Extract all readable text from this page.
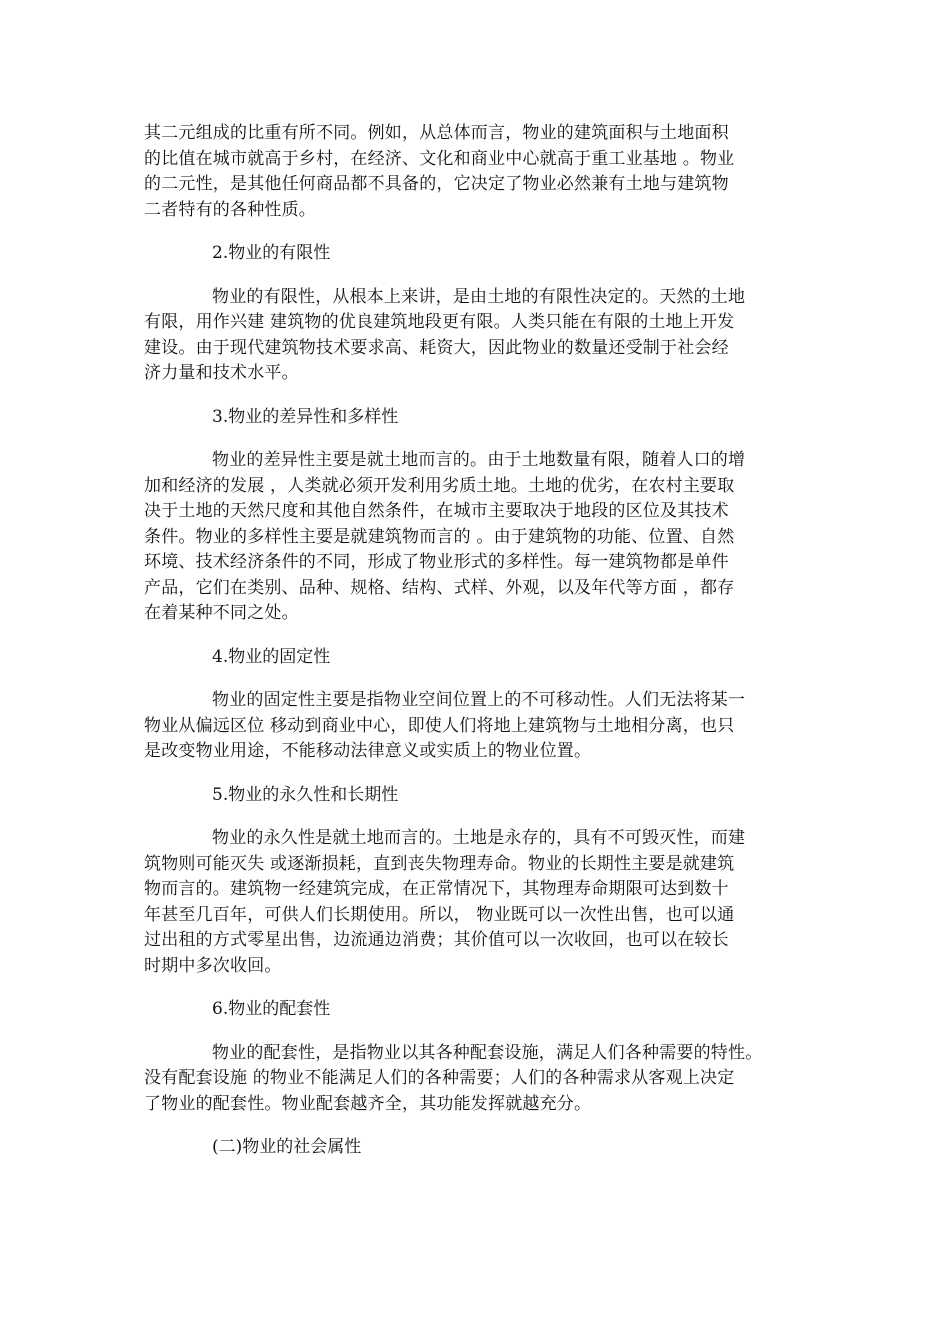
其二元组成的比重有所不同。例如，从总体而言，物业的建筑面积与土地面积
的比值在城市就高于乡村，在经济、文化和商业中心就高于重工业基地 。物业
的二元性，是其他任何商品都不具备的，它决定了物业必然兼有土地与建筑物
二者特有的各种性质。

2.物业的有限性

物业的有限性，从根本上来讲，是由土地的有限性决定的。天然的土地
有限，用作兴建 建筑物的优良建筑地段更有限。人类只能在有限的土地上开发
建设。由于现代建筑物技术要求高、耗资大，因此物业的数量还受制于社会经
济力量和技术水平。

3.物业的差异性和多样性

物业的差异性主要是就土地而言的。由于土地数量有限，随着人口的增
加和经济的发展 ，人类就必须开发利用劣质土地。土地的优劣，在农村主要取
决于土地的天然尺度和其他自然条件，在城市主要取决于地段的区位及其技术
条件。物业的多样性主要是就建筑物而言的 。由于建筑物的功能、位置、自然
环境、技术经济条件的不同，形成了物业形式的多样性。每一建筑物都是单件
产品，它们在类别、品种、规格、结构、式样、外观，以及年代等方面 ，都存
在着某种不同之处。

4.物业的固定性

物业的固定性主要是指物业空间位置上的不可移动性。人们无法将某一
物业从偏远区位 移动到商业中心，即使人们将地上建筑物与土地相分离，也只
是改变物业用途，不能移动法律意义或实质上的物业位置。

5.物业的永久性和长期性

物业的永久性是就土地而言的。土地是永存的，具有不可毁灭性，而建
筑物则可能灭失 或逐渐损耗，直到丧失物理寿命。物业的长期性主要是就建筑
物而言的。建筑物一经建筑完成，在正常情况下，其物理寿命期限可达到数十
年甚至几百年，可供人们长期使用。所以， 物业既可以一次性出售，也可以通
过出租的方式零星出售，边流通边消费；其价值可以一次收回，也可以在较长
时期中多次收回。

6.物业的配套性

物业的配套性，是指物业以其各种配套设施，满足人们各种需要的特性。
没有配套设施 的物业不能满足人们的各种需要；人们的各种需求从客观上决定
了物业的配套性。物业配套越齐全，其功能发挥就越充分。

(二)物业的社会属性
